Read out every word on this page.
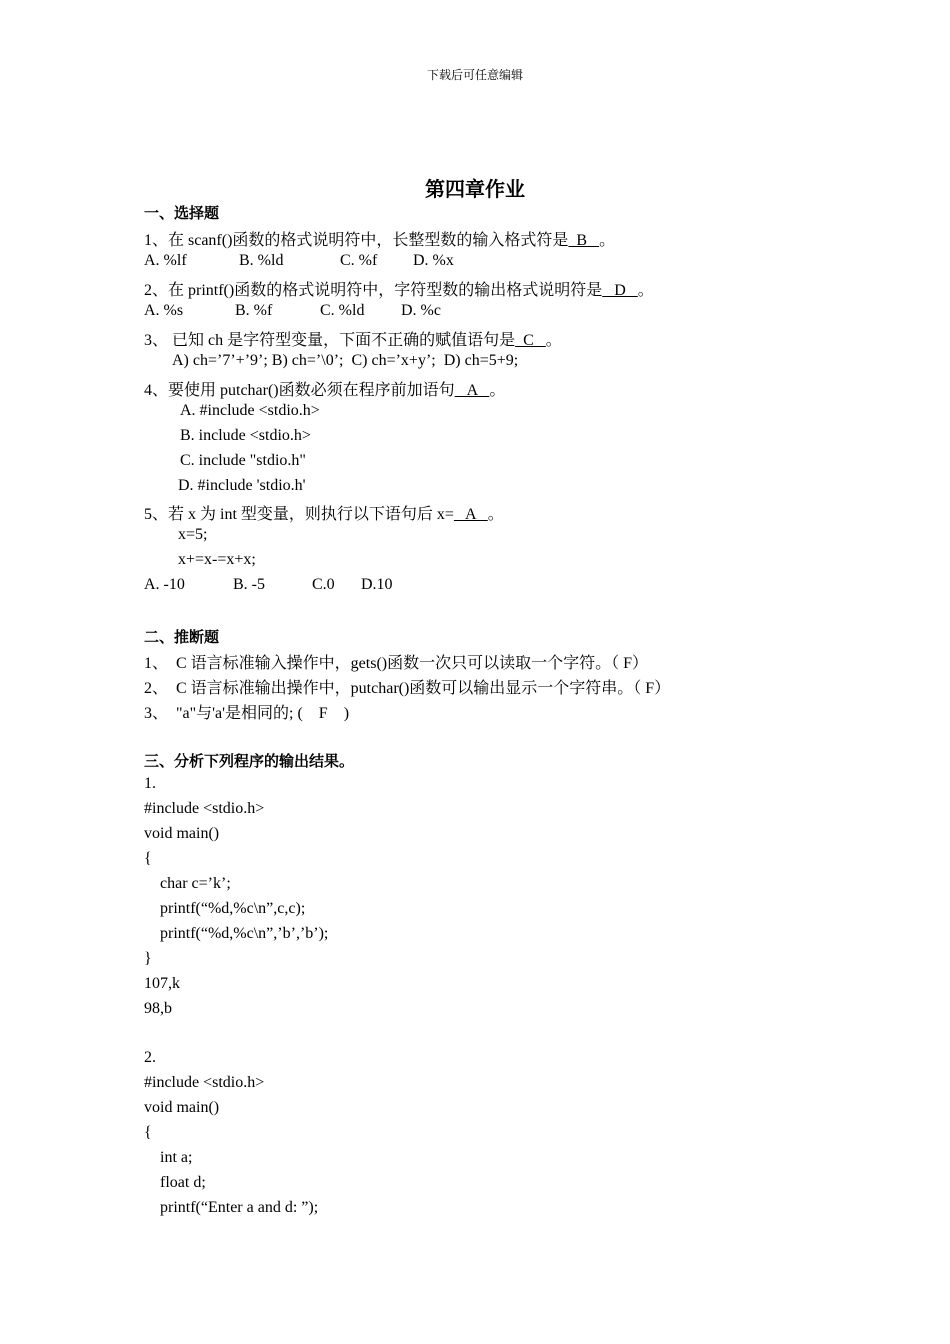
下载后可任意编辑
第四章作业
一、选择题
1、在 scanf()函数的格式说明符中，长整型数的输入格式符是  B   。
A. %lf	B. %ld	C. %f D. %x
2、在 printf()函数的格式说明符中，字符型数的输出格式说明符是   D   。
A. %s	B. %f	C. %ld D. %c
3、 已知 ch 是字符型变量，下面不正确的赋值语句是  C   。
A) ch=’7’+’9’; B) ch=’\0’;  C) ch=’x+y’;  D) ch=5+9;
4、要使用 putchar()函数必须在程序前加语句   A   。
A. #include <stdio.h>
B. include <stdio.h>
C. include "stdio.h"
D. #include 'stdio.h'
5、若 x 为 int 型变量，则执行以下语句后 x=   A   。
x=5;
x+=x-=x+x;
A. -10	B. -5	C.0 D.10
二、推断题
1、  C 语言标准输入操作中，gets()函数一次只可以读取一个字符。（ F）
2、  C 语言标准输出操作中，putchar()函数可以输出显示一个字符串。（ F）
3、  "a"与'a'是相同的; (    F    )
三、分析下列程序的输出结果。
1.
#include <stdio.h>
void main()
{
char c=’k’;
printf(“%d,%c\n”,c,c);
printf(“%d,%c\n”,’b’,’b’);
}
107,k
98,b
2.
#include <stdio.h>
void main()
{
int a;
float d;
printf(“Enter a and d: ”);
